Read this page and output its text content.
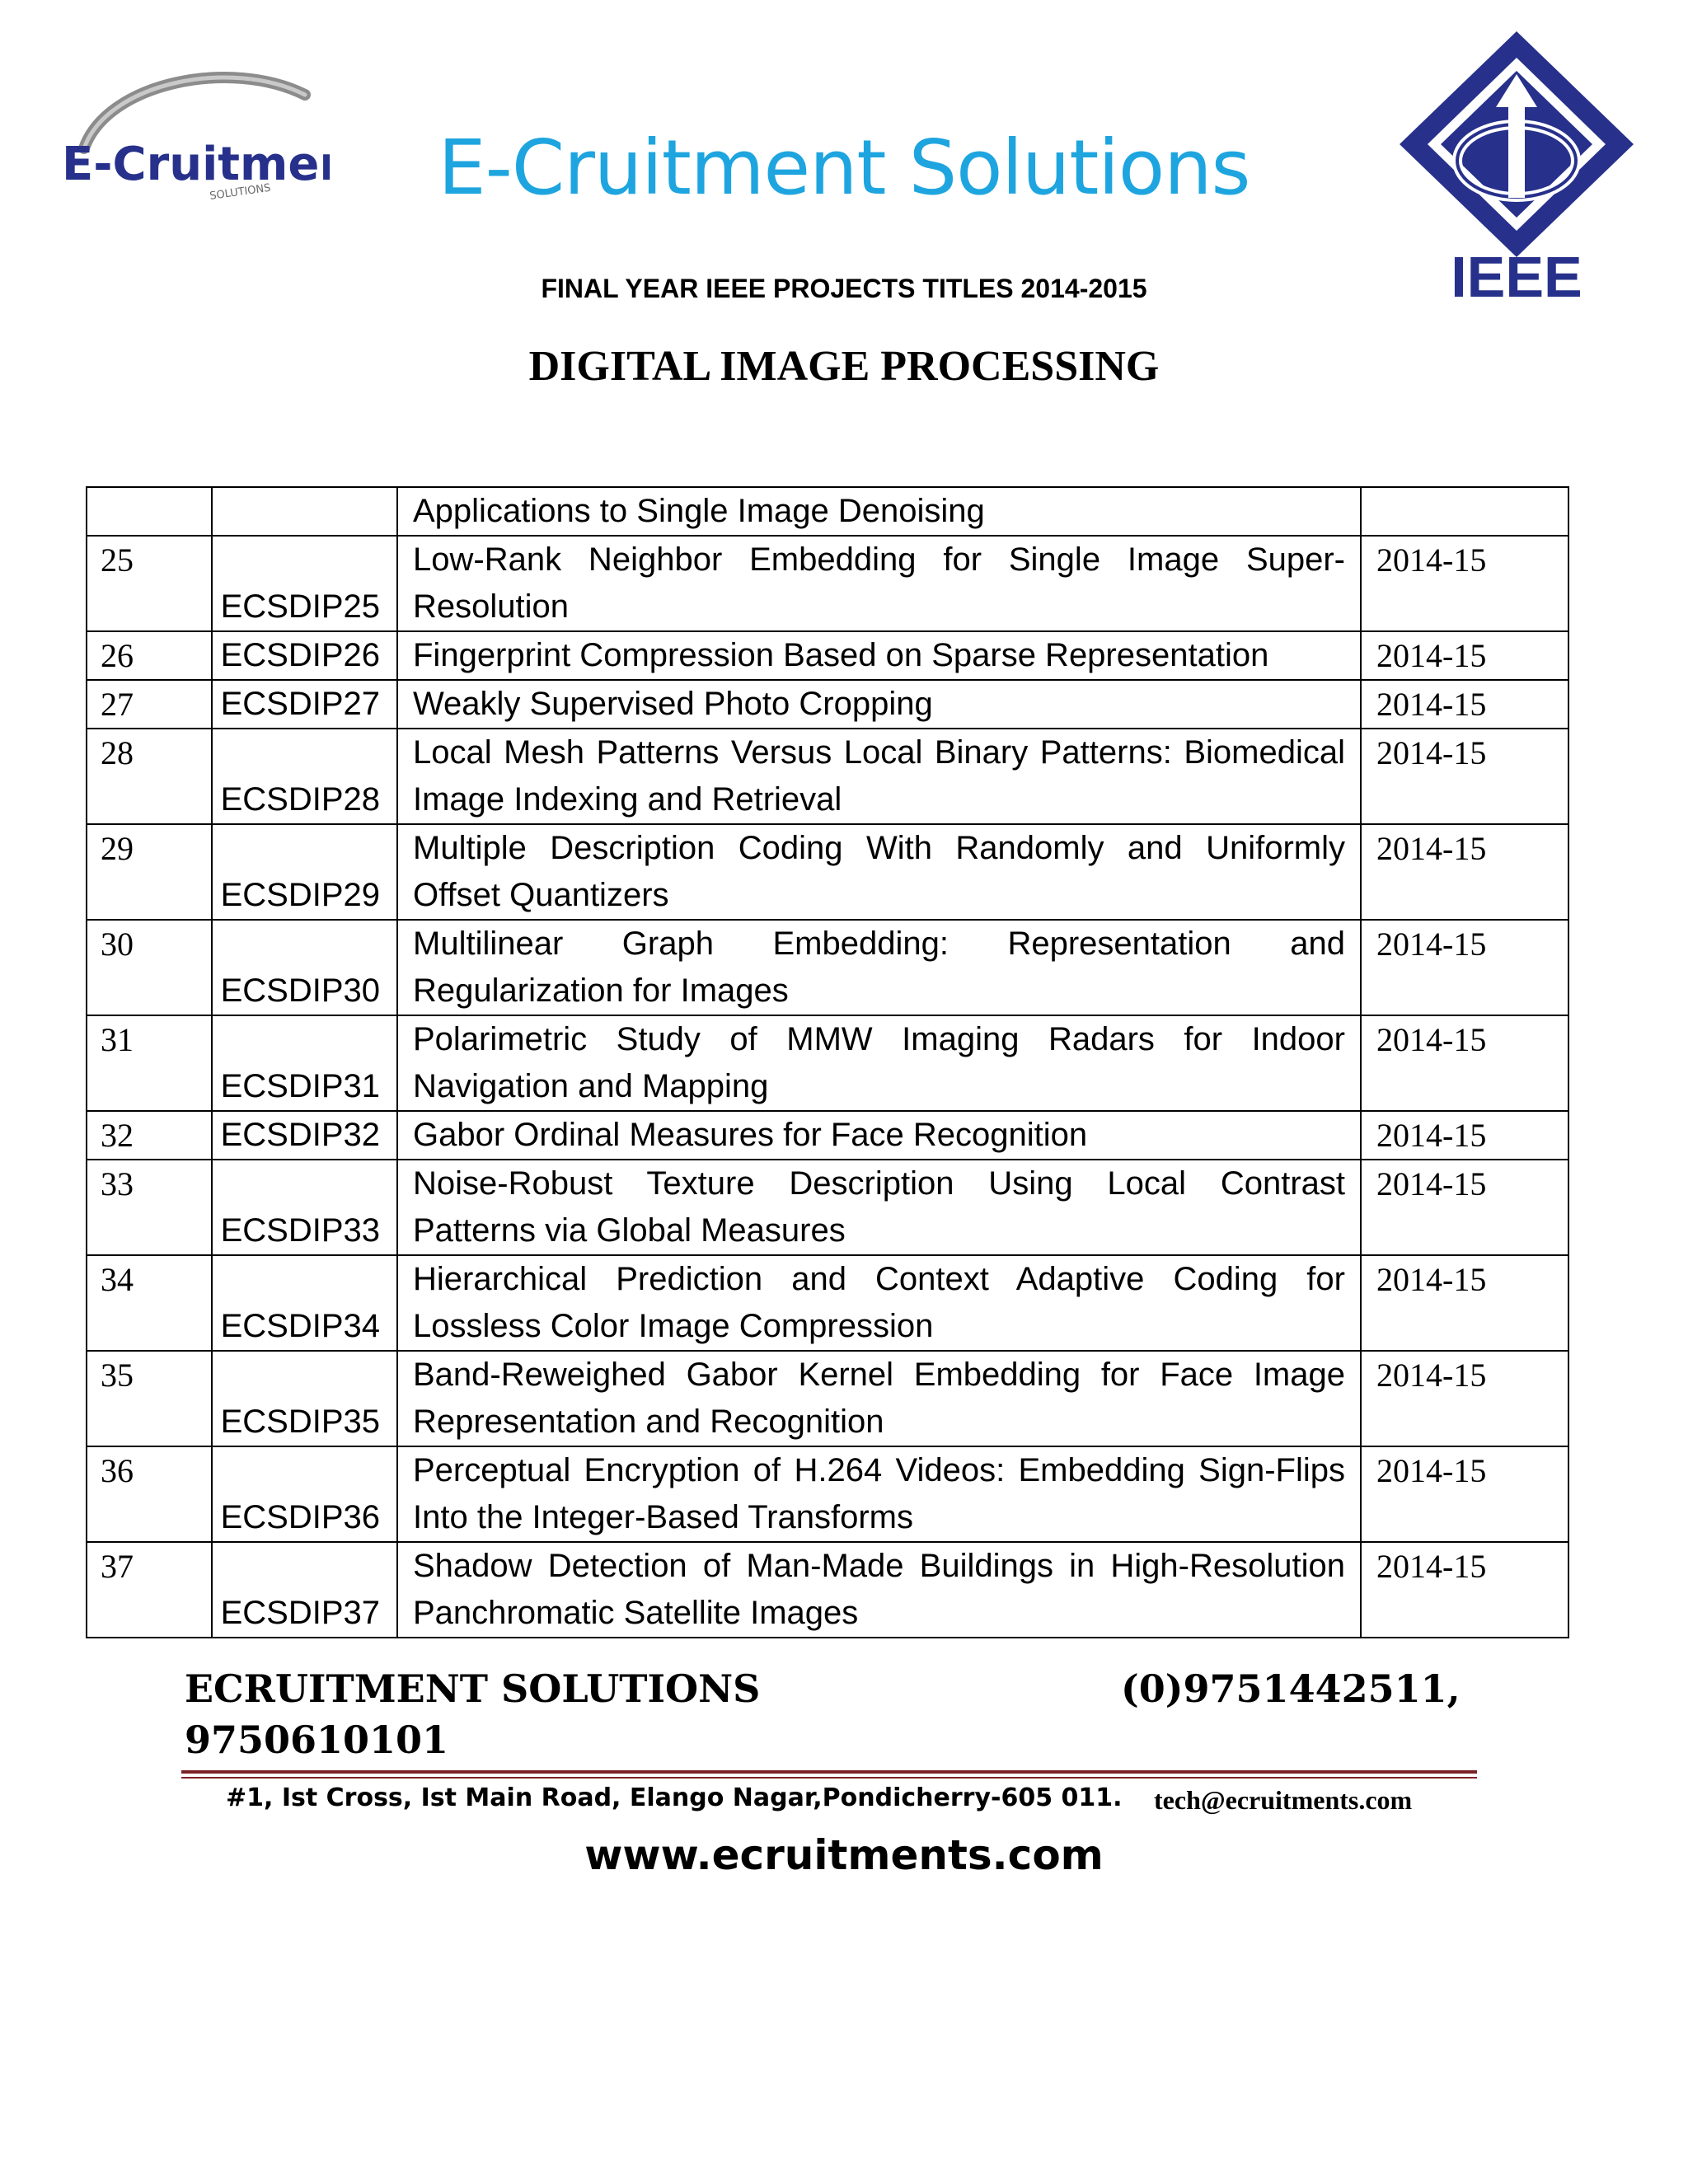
E-Cruitme
SOLUTIONS	E-Cruitment Solutions
IEEE
FINAL YEAR IEEE PROJECTS TITLES 2014-2015
DIGITAL IMAGE PROCESSING
		Applications to Single Image Denoising	
25	ECSDIP25	Low-Rank Neighbor Embedding for Single Image Super-Resolution	2014-15
26	ECSDIP26	Fingerprint Compression Based on Sparse Representation	2014-15
27	ECSDIP27	Weakly Supervised Photo Cropping	2014-15
28	ECSDIP28	Local Mesh Patterns Versus Local Binary Patterns: Biomedical Image Indexing and Retrieval	2014-15
29	ECSDIP29	Multiple Description Coding With Randomly and Uniformly Offset Quantizers	2014-15
30	ECSDIP30	Multilinear Graph Embedding: Representation and Regularization for Images	2014-15
31	ECSDIP31	Polarimetric Study of MMW Imaging Radars for Indoor Navigation and Mapping	2014-15
32	ECSDIP32	Gabor Ordinal Measures for Face Recognition	2014-15
33	ECSDIP33	Noise-Robust Texture Description Using Local Contrast Patterns via Global Measures	2014-15
34	ECSDIP34	Hierarchical Prediction and Context Adaptive Coding for Lossless Color Image Compression	2014-15
35	ECSDIP35	Band-Reweighed Gabor Kernel Embedding for Face Image Representation and Recognition	2014-15
36	ECSDIP36	Perceptual Encryption of H.264 Videos: Embedding Sign-Flips Into the Integer-Based Transforms	2014-15
37	ECSDIP37	Shadow Detection of Man-Made Buildings in High-Resolution Panchromatic Satellite Images	2014-15
ECRUITMENT SOLUTIONS	(0)9751442511,
9750610101
#1, Ist Cross, Ist Main Road, Elango Nagar,Pondicherry-605 011. tech@ecruitments.com
www.ecruitments.com
